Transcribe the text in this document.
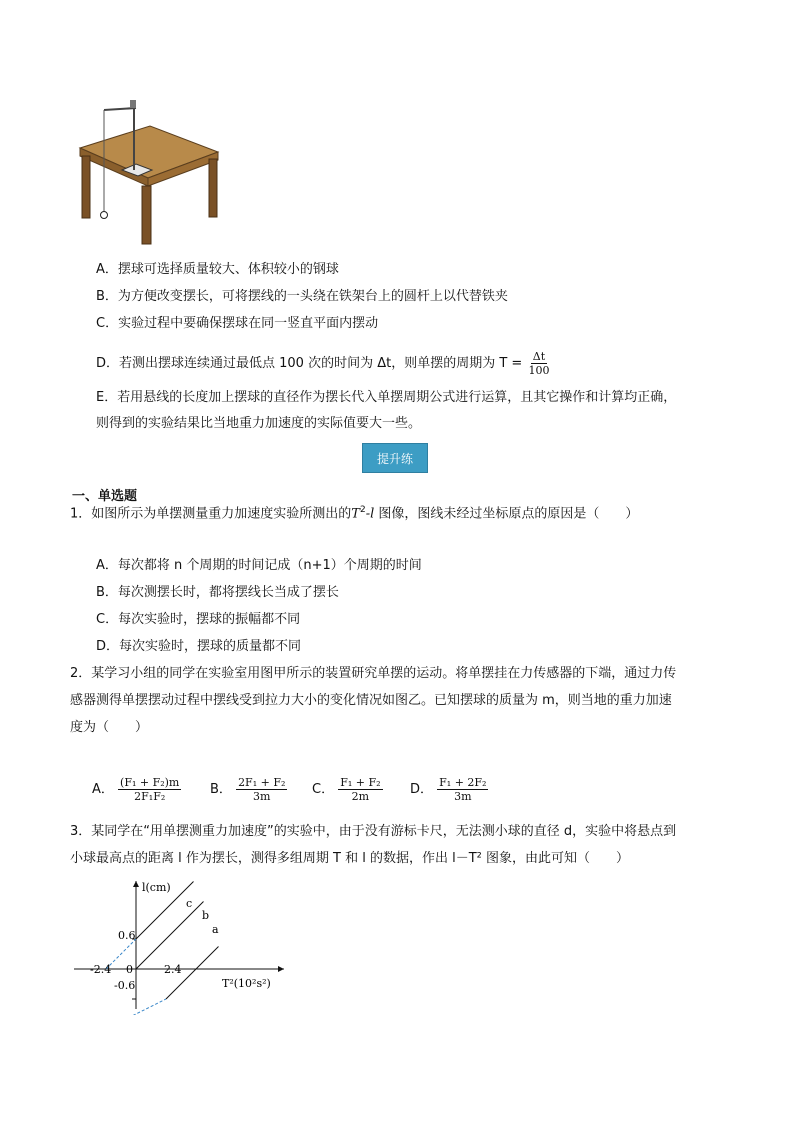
A．摆球可选择质量较大、体积较小的钢球
B．为方便改变摆长，可将摆线的一头绕在铁架台上的圆杆上以代替铁夹
C．实验过程中要确保摆球在同一竖直平面内摆动
D．若测出摆球连续通过最低点 100 次的时间为 Δt，则单摆的周期为 $T = \frac{\Delta t}{100}$
E．若用悬线的长度加上摆球的直径作为摆长代入单摆周期公式进行运算，且其它操作和计算均正确，
则得到的实验结果比当地重力加速度的实际值要大一些。
提升练
一、单选题
1．如图所示为单摆测量重力加速度实验所测出的$T^2-l$ 图像，图线未经过坐标原点的原因是（　　）
A．每次都将 n 个周期的时间记成（n+1）个周期的时间
B．每次测摆长时，都将摆线长当成了摆长
C．每次实验时，摆球的振幅都不同
D．每次实验时，摆球的质量都不同
2．某学习小组的同学在实验室用图甲所示的装置研究单摆的运动。将单摆挂在力传感器的下端，通过力传
感器测得单摆摆动过程中摆线受到拉力大小的变化情况如图乙。已知摆球的质量为 m，则当地的重力加速
度为（　　）
A． $\frac{\text{(F₁ + F₂)m}}{\text{2F₁F₂}}$ B． $\frac{\text{2F₁ + F₂}}{3m}$ C． $\frac{\text{F₁ + F₂}}{2m}$ D． $\frac{\text{F₁ + 2F₂}}{3m}$
3．某同学在“用单摆测重力加速度”的实验中，由于没有游标卡尺，无法测小球的直径 d，实验中将悬点到
小球最高点的距离 l 作为摆长，测得多组周期 T 和 l 的数据，作出 l－T² 图象，由此可知（　　）
l(cm)
T²(10²s²)
0.6
-0.6
-2.4	2.4
0
c
b
a
